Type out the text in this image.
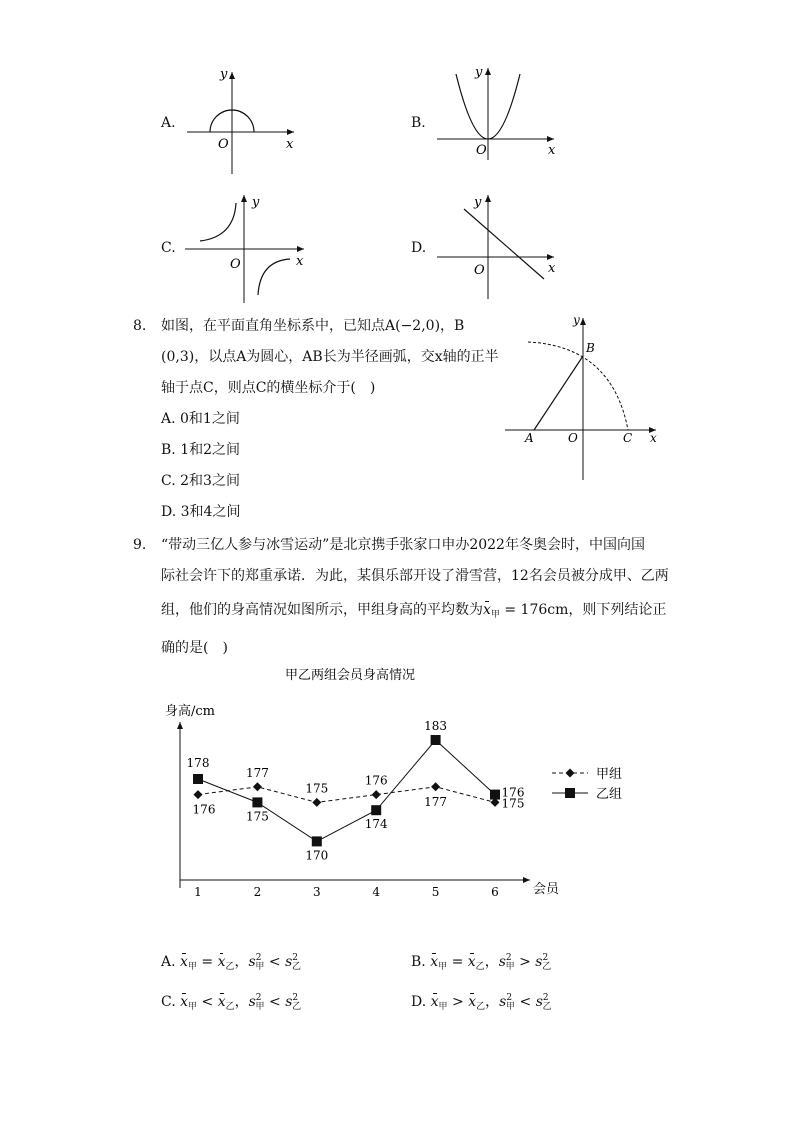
A.
O	x
y
B.
O	x
y
C.
O	x
y
D.
O	x
y
8. 如图，在平面直角坐标系中，已知点A(−2,0)，B
(0,3)，以点A为圆心，AB长为半径画弧，交x轴的正半
轴于点C，则点C的横坐标介于(　)
A. 0和1之间
B. 1和2之间
C. 2和3之间
D. 3和4之间
A
B
C
O	x
y
9. “带动三亿人参与冰雪运动”是北京携手张家口申办2022年冬奥会时，中国向国
际社会许下的郑重承诺．为此，某俱乐部开设了滑雪营，12名会员被分成甲、乙两
组，他们的身高情况如图所示，甲组身高的平均数为$x_甲 = 176cm$，则下列结论正
确的是(　)
甲乙两组会员身高情况
身高/cm
会员
1	2	3	4	5	6
176
177
175
176
177	175
178
175
170
174
183
176
甲组
乙组
A. $x_甲 = x_乙$，$s^2_甲 < s^2_乙$	B. $x_甲 = x_乙$，$s^2_甲 > s^2_乙$
C. $x_甲 < x_乙$，$s^2_甲 < s^2_乙$	D. $x_甲 > x_乙$，$s^2_甲 < s^2_乙$
